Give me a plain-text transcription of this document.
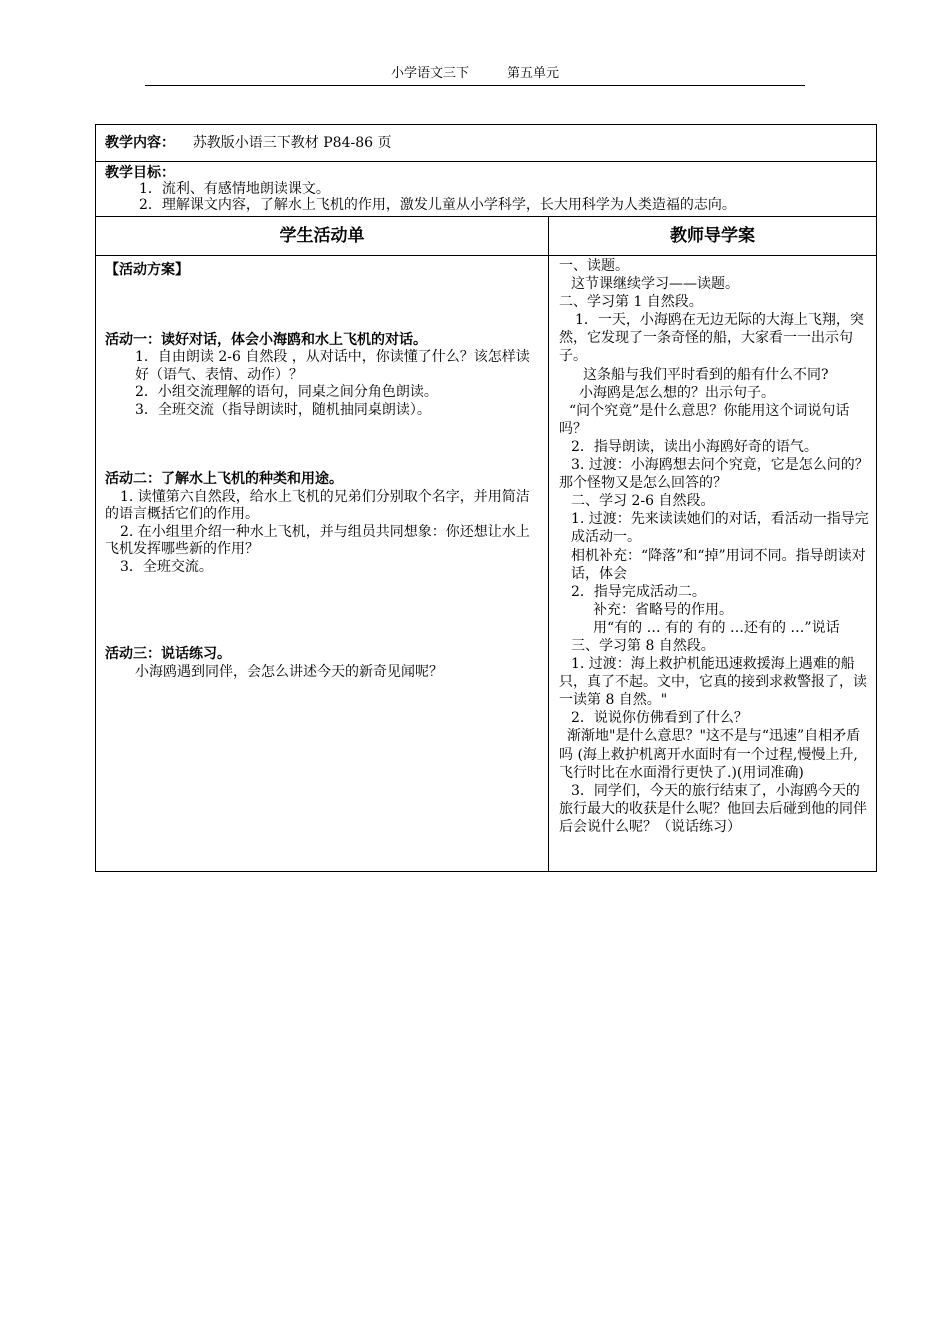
小学语文三下	第五单元
教学内容： 苏教版小语三下教材 P84-86 页
教学目标：
1．流利、有感情地朗读课文。
2．理解课文内容，了解水上飞机的作用，激发儿童从小学科学，长大用科学为人类造福的志向。
学生活动单	教师导学案
【活动方案】
活动一：读好对话，体会小海鸥和水上飞机的对话。
1．自由朗读 2-6 自然段 ，从对话中，你读懂了什么？该怎样读好（语气、表情、动作）？
2．小组交流理解的语句，同桌之间分角色朗读。
3．全班交流（指导朗读时，随机抽同桌朗读）。
活动二：了解水上飞机的种类和用途。
1. 读懂第六自然段，给水上飞机的兄弟们分别取个名字，并用简洁的语言概括它们的作用。
2. 在小组里介绍一种水上飞机，并与组员共同想象：你还想让水上飞机发挥哪些新的作用？
3．全班交流。
活动三：说话练习。
小海鸥遇到同伴，会怎么讲述今天的新奇见闻呢？
一、读题。
这节课继续学习——读题。
二、学习第 1 自然段。
1．一天，小海鸥在无边无际的大海上飞翔，突然，它发现了一条奇怪的船，大家看一一出示句子。
这条船与我们平时看到的船有什么不同?
小海鸥是怎么想的？出示句子。
“问个究竟”是什么意思？你能用这个词说句话吗？
2．指导朗读，读出小海鸥好奇的语气。
3. 过渡：小海鸥想去问个究竟，它是怎么问的？那个怪物又是怎么回答的？
二、学习 2-6 自然段。
1. 过渡：先来读读她们的对话，看活动一指导完成活动一。
相机补充：“降落”和“掉”用词不同。指导朗读对话，体会
2．指导完成活动二。
补充：省略号的作用。
用“有的 … 有的 有的 …还有的 …”说话
三、学习第 8 自然段。
1. 过渡：海上救护机能迅速救援海上遇难的船只，真了不起。文中，它真的接到求救警报了，读一读第 8 自然。"
2．说说你仿佛看到了什么？
渐渐地"是什么意思？"这不是与“迅速”自相矛盾吗 (海上救护机离开水面时有一个过程,慢慢上升,飞行时比在水面滑行更快了.)(用词准确)
3．同学们，今天的旅行结束了，小海鸥今天的旅行最大的收获是什么呢？他回去后碰到他的同伴后会说什么呢？（说话练习）
